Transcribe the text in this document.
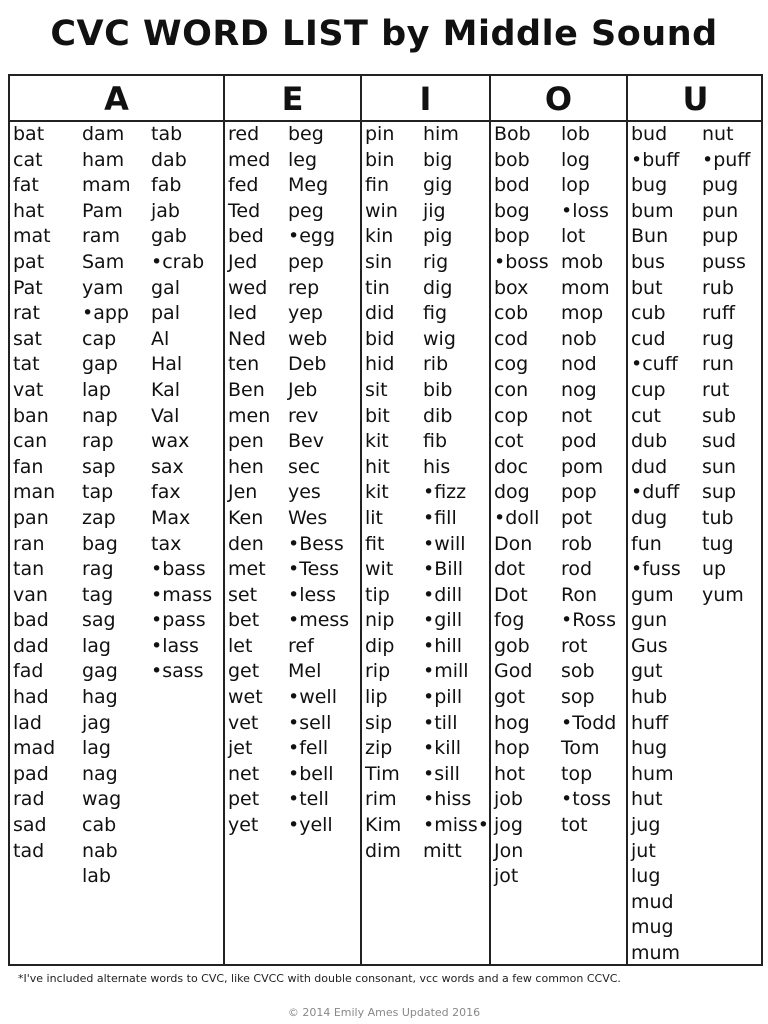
CVC WORD LIST by Middle Sound
A
bat
cat
fat
hat
mat
pat
Pat
rat
sat
tat
vat
ban
can
fan
man
pan
ran
tan
van
bad
dad
fad
had
lad
mad
pad
rad
sad
tad
dam
ham
mam
Pam
ram
Sam
yam
•app
cap
gap
lap
nap
rap
sap
tap
zap
bag
rag
tag
sag
lag
gag
hag
jag
lag
nag
wag
cab
nab
lab
tab
dab
fab
jab
gab
•crab
gal
pal
Al
Hal
Kal
Val
wax
sax
fax
Max
tax
•bass
•mass
•pass
•lass
•sass
E
red
med
fed
Ted
bed
Jed
wed
led
Ned
ten
Ben
men
pen
hen
Jen
Ken
den
met
set
bet
let
get
wet
vet
jet
net
pet
yet
beg
leg
Meg
peg
•egg
pep
rep
yep
web
Deb
Jeb
rev
Bev
sec
yes
Wes
•Bess
•Tess
•less
•mess
ref
Mel
•well
•sell
•fell
•bell
•tell
•yell
I
pin
bin
fin
win
kin
sin
tin
did
bid
hid
sit
bit
kit
hit
kit
lit
fit
wit
tip
nip
dip
rip
lip
sip
zip
Tim
rim
Kim
dim
him
big
gig
jig
pig
rig
dig
fig
wig
rib
bib
dib
fib
his
•fizz
•fill
•will
•Bill
•dill
•gill
•hill
•mill
•pill
•till
•kill
•sill
•hiss
•miss•
mitt
O
Bob
bob
bod
bog
bop
•boss
box
cob
cod
cog
con
cop
cot
doc
dog
•doll
Don
dot
Dot
fog
gob
God
got
hog
hop
hot
job
jog
Jon
jot
lob
log
lop
•loss
lot
mob
mom
mop
nob
nod
nog
not
pod
pom
pop
pot
rob
rod
Ron
•Ross
rot
sob
sop
•Todd
Tom
top
•toss
tot
U
bud
•buff
bug
bum
Bun
bus
but
cub
cud
•cuff
cup
cut
dub
dud
•duff
dug
fun
•fuss
gum
gun
Gus
gut
hub
huff
hug
hum
hut
jug
jut
lug
mud
mug
mum
nut
•puff
pug
pun
pup
puss
rub
ruff
rug
run
rut
sub
sud
sun
sup
tub
tug
up
yum
*I've included alternate words to CVC, like CVCC with double consonant, vcc words and a few common CCVC.
© 2014 Emily Ames Updated 2016
